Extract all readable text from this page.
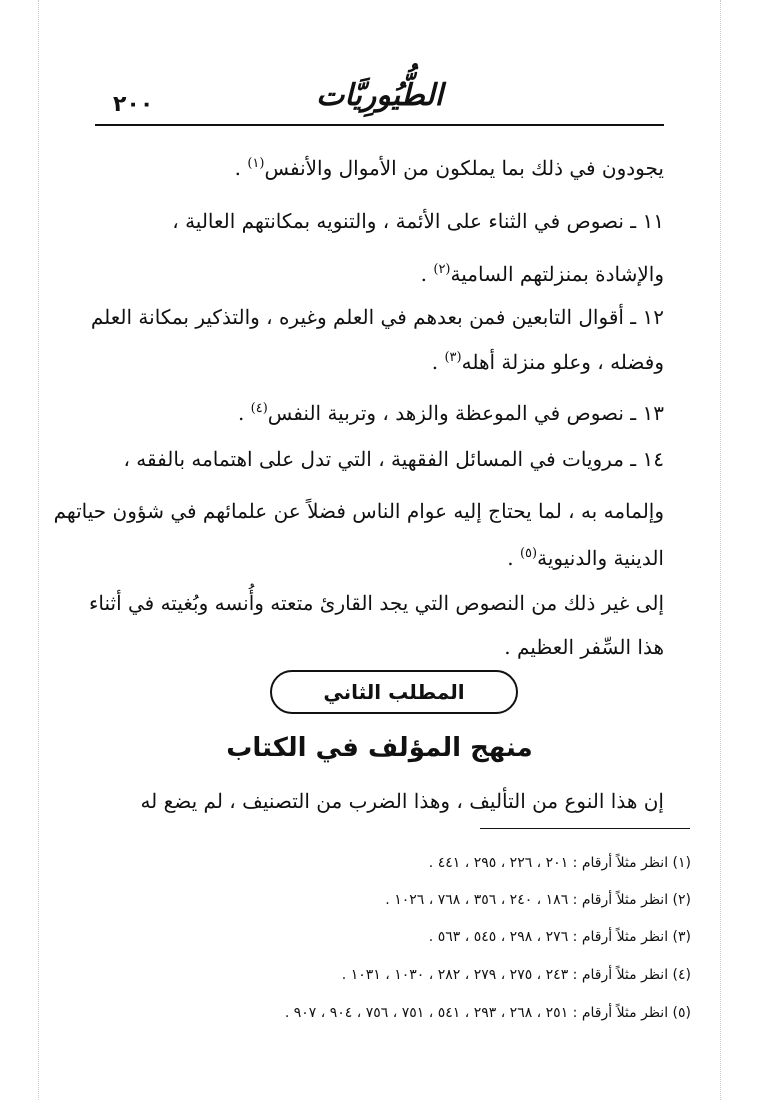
٢٠٠	الطُّيُورِيَّات
يجودون في ذلك بما يملكون من الأموال والأنفس$^{(١)}$ .
١١ ـ نصوص في الثناء على الأئمة ، والتنويه بمكانتهم العالية ،
والإشادة بمنزلتهم السامية$^{(٢)}$ .
١٢ ـ أقوال التابعين فمن بعدهم في العلم وغيره ، والتذكير بمكانة العلم
وفضله ، وعلو منزلة أهله$^{(٣)}$ .
١٣ ـ نصوص في الموعظة والزهد ، وتربية النفس$^{(٤)}$ .
١٤ ـ مرويات في المسائل الفقهية ، التي تدل على اهتمامه بالفقه ،
وإلمامه به ، لما يحتاج إليه عوام الناس فضلاً عن علمائهم في شؤون حياتهم
الدينية والدنيوية$^{(٥)}$ .
إلى غير ذلك من النصوص التي يجد القارئ متعته وأُنسه وبُغيته في أثناء
هذا السِّفر العظيم .
المطلب الثاني
منهج المؤلف في الكتاب
إن هذا النوع من التأليف ، وهذا الضرب من التصنيف ، لم يضع له
(١) انظر مثلاً أرقام : ٢٠١ ، ٢٢٦ ، ٢٩٥ ، ٤٤١ .
(٢) انظر مثلاً أرقام : ١٨٦ ، ٢٤٠ ، ٣٥٦ ، ٧٦٨ ، ١٠٢٦ .
(٣) انظر مثلاً أرقام : ٢٧٦ ، ٢٩٨ ، ٥٤٥ ، ٥٦٣ .
(٤) انظر مثلاً أرقام : ٢٤٣ ، ٢٧٥ ، ٢٧٩ ، ٢٨٢ ، ١٠٣٠ ، ١٠٣١ .
(٥) انظر مثلاً أرقام : ٢٥١ ، ٢٦٨ ، ٢٩٣ ، ٥٤١ ، ٧٥١ ، ٧٥٦ ، ٩٠٤ ، ٩٠٧ .
